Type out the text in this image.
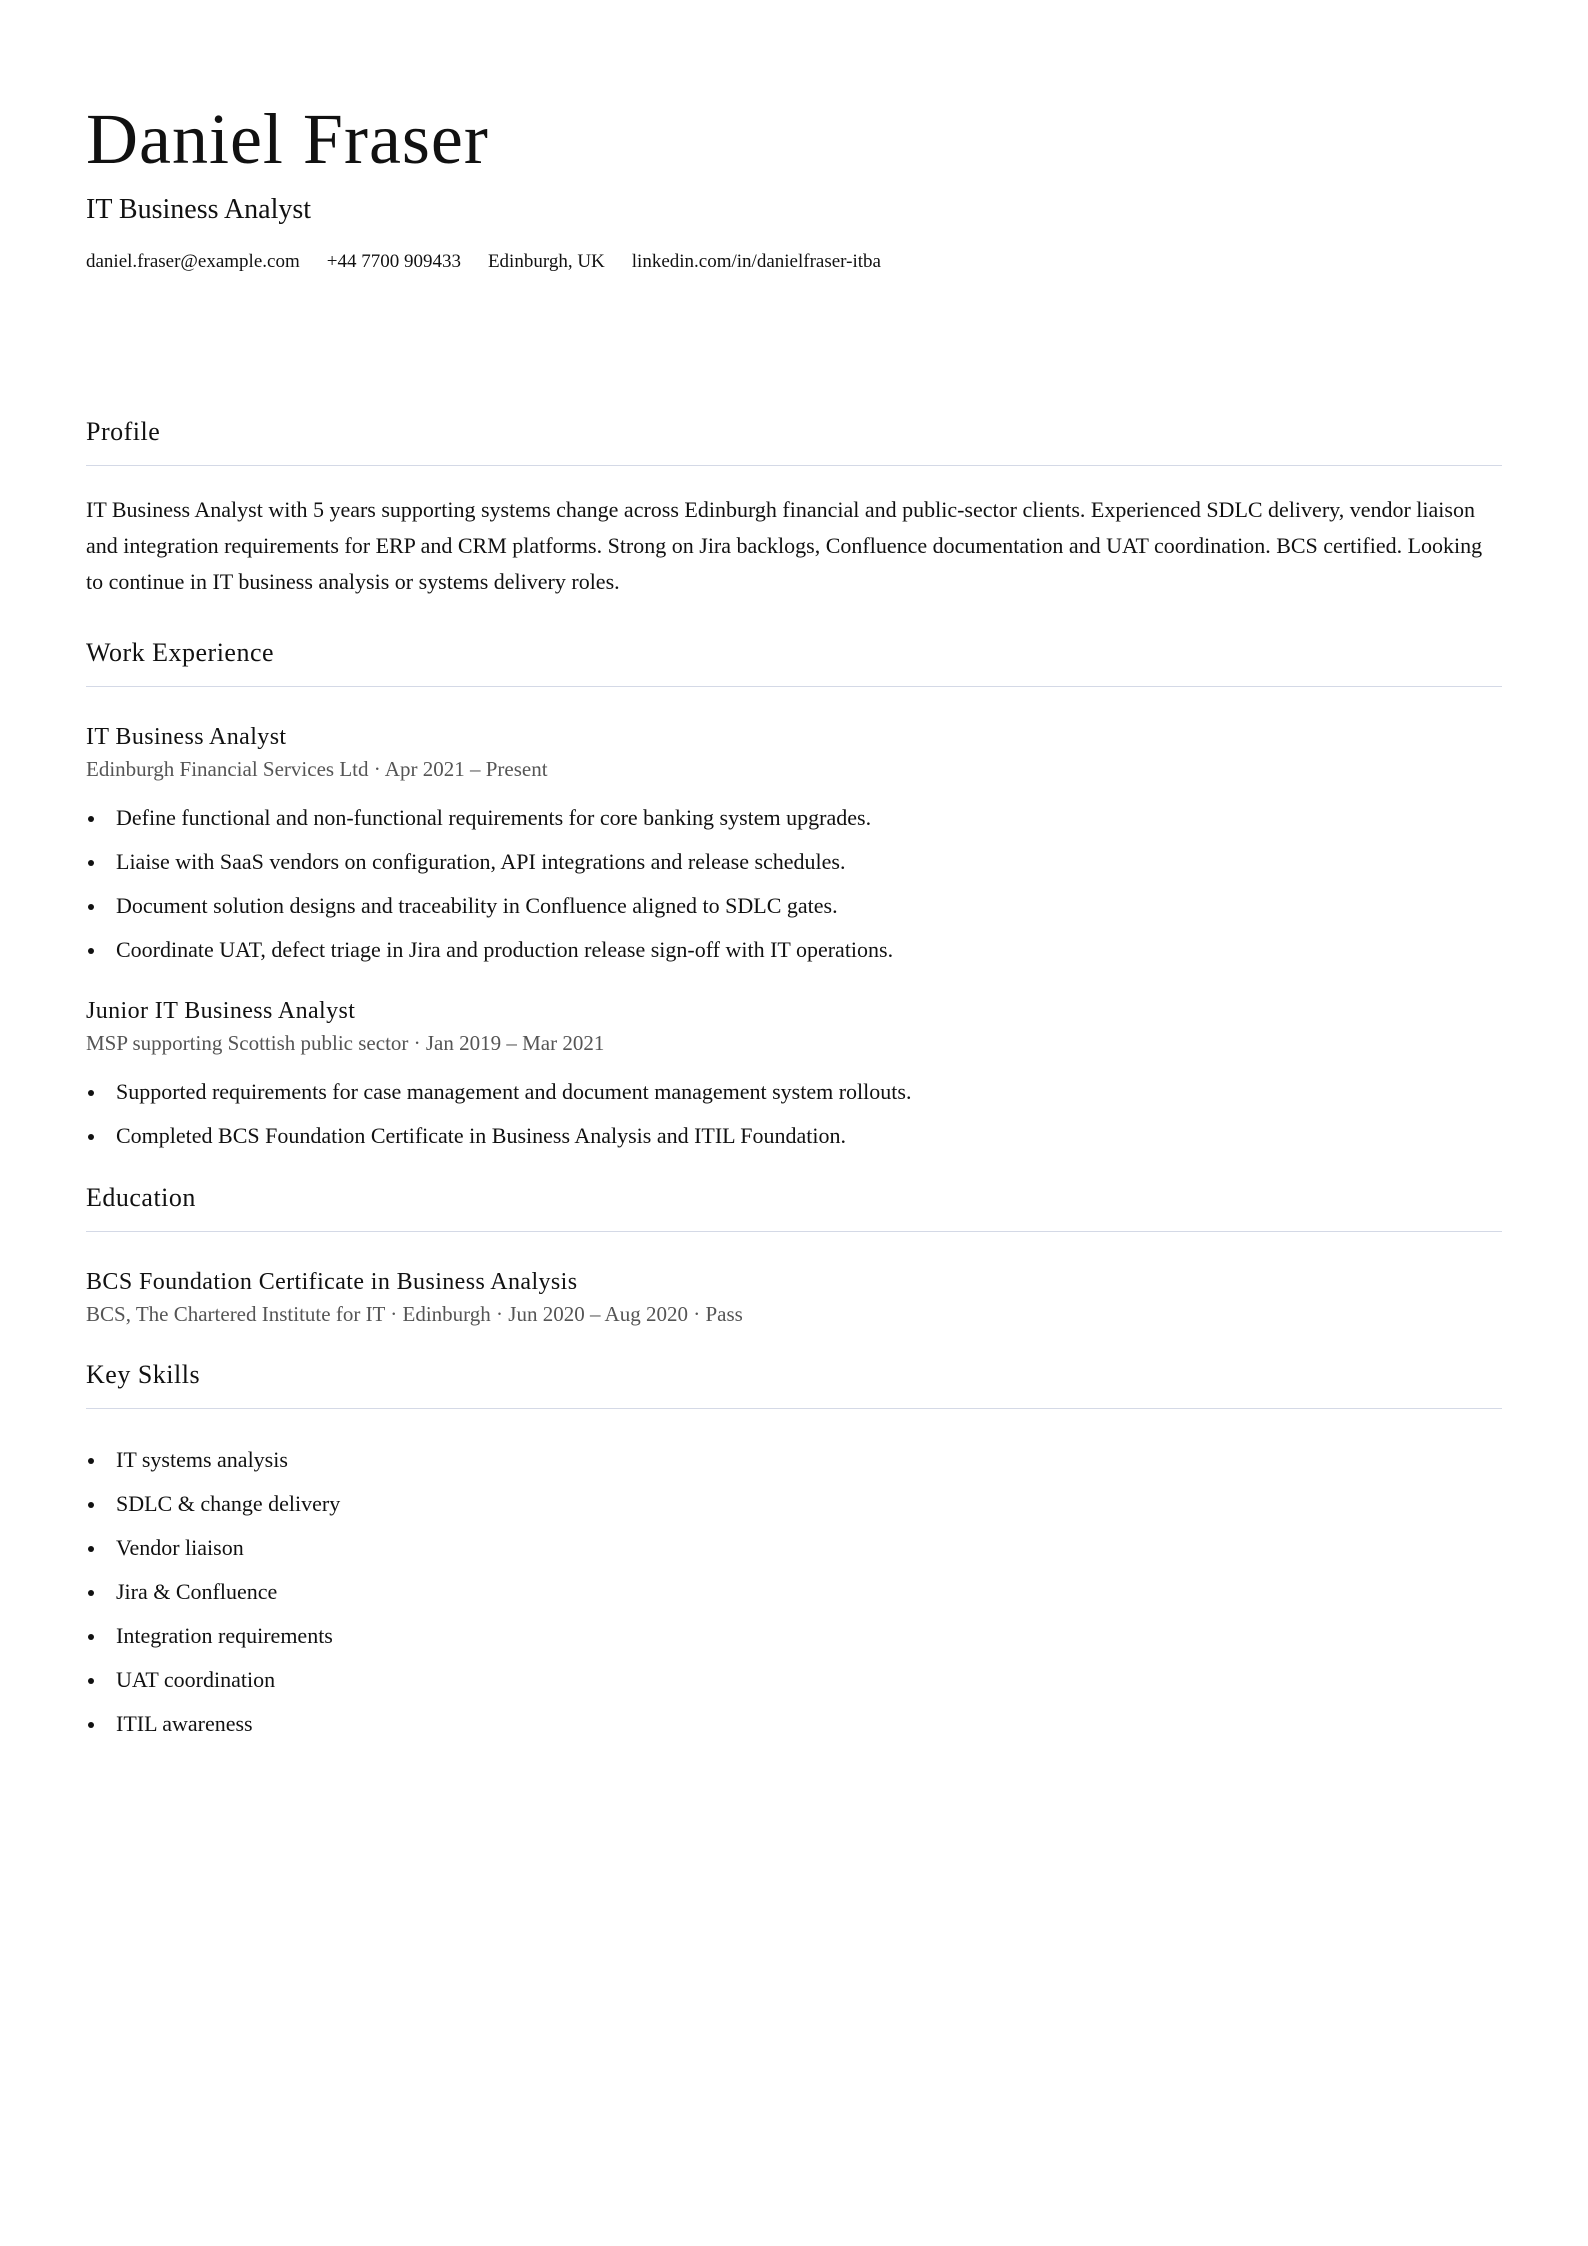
Daniel Fraser
IT Business Analyst
daniel.fraser@example.com +44 7700 909433 Edinburgh, UK linkedin.com/in/danielfraser-itba
Profile
IT Business Analyst with 5 years supporting systems change across Edinburgh financial and public-sector clients. Experienced SDLC delivery, vendor liaison and integration requirements for ERP and CRM platforms. Strong on Jira backlogs, Confluence documentation and UAT coordination. BCS certified. Looking to continue in IT business analysis or systems delivery roles.
Work Experience
IT Business Analyst
Edinburgh Financial Services Ltd · Apr 2021 – Present
Define functional and non-functional requirements for core banking system upgrades.
Liaise with SaaS vendors on configuration, API integrations and release schedules.
Document solution designs and traceability in Confluence aligned to SDLC gates.
Coordinate UAT, defect triage in Jira and production release sign-off with IT operations.
Junior IT Business Analyst
MSP supporting Scottish public sector · Jan 2019 – Mar 2021
Supported requirements for case management and document management system rollouts.
Completed BCS Foundation Certificate in Business Analysis and ITIL Foundation.
Education
BCS Foundation Certificate in Business Analysis
BCS, The Chartered Institute for IT · Edinburgh · Jun 2020 – Aug 2020 · Pass
Key Skills
IT systems analysis
SDLC & change delivery
Vendor liaison
Jira & Confluence
Integration requirements
UAT coordination
ITIL awareness
